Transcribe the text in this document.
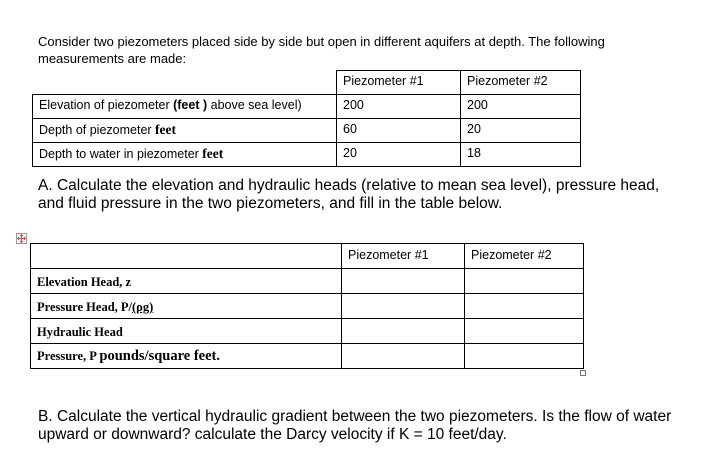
Consider two piezometers placed side by side but open in different aquifers at depth. The following measurements are made:
	Piezometer #1	Piezometer #2
Elevation of piezometer (feet ) above sea level)	200	200
Depth of piezometer feet	60	20
Depth to water in piezometer feet	20	18
A. Calculate the elevation and hydraulic heads (relative to mean sea level), pressure head, and fluid pressure in the two piezometers, and fill in the table below.
	Piezometer #1	Piezometer #2
Elevation Head, z		
Pressure Head, P/(ρg)		
Hydraulic Head		
Pressure, P pounds/square feet.		
B. Calculate the vertical hydraulic gradient between the two piezometers. Is the flow of water upward or downward? calculate the Darcy velocity if K = 10 feet/day.
